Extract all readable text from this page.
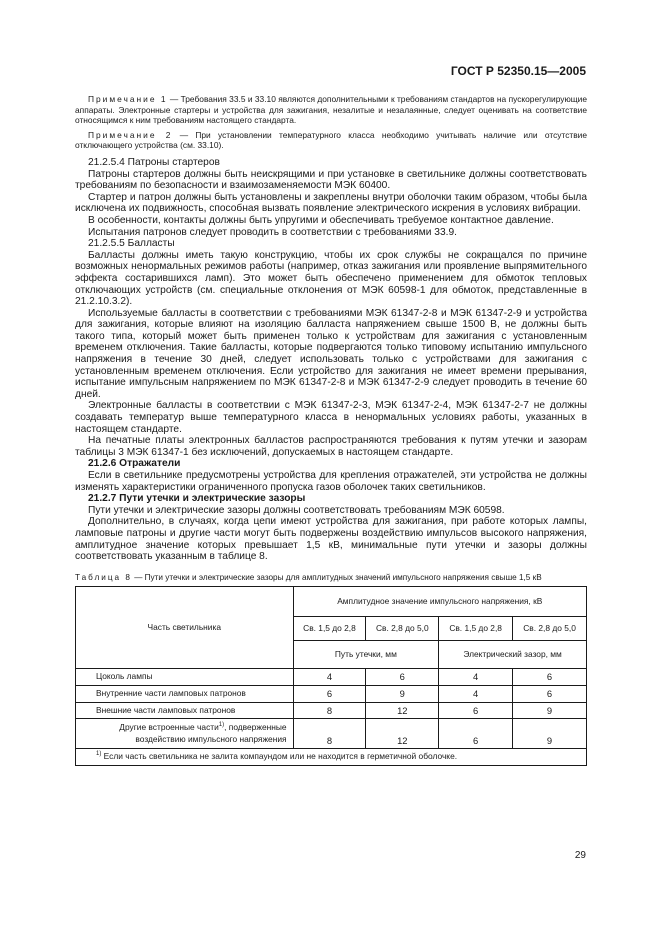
ГОСТ Р 52350.15—2005

Примечание 1 — Требования 33.5 и 33.10 являются дополнительными к требованиям стандартов на пускорегулирующие аппараты. Электронные стартеры и устройства для зажигания, незалитые и незалаянные, следует оценивать на соответствие относящимся к ним требованиям настоящего стандарта.

Примечание 2 — При установлении температурного класса необходимо учитывать наличие или отсутствие отключающего устройства (см. 33.10).

21.2.5.4 Патроны стартеров

Патроны стартеров должны быть неискрящими и при установке в светильнике должны соответствовать требованиям по безопасности и взаимозаменяемости МЭК 60400.

Стартер и патрон должны быть установлены и закреплены внутри оболочки таким образом, чтобы была исключена их подвижность, способная вызвать появление электрического искрения в условиях вибрации.

В особенности, контакты должны быть упругими и обеспечивать требуемое контактное давление.

Испытания патронов следует проводить в соответствии с требованиями 33.9.

21.2.5.5 Балласты

Балласты должны иметь такую конструкцию, чтобы их срок службы не сокращался по причине возможных ненормальных режимов работы (например, отказ зажигания или проявление выпрямительного эффекта состарившихся ламп). Это может быть обеспечено применением для обмоток тепловых отключающих устройств (см. специальные отклонения от МЭК 60598-1 для обмоток, представленные в 21.2.10.3.2).

Используемые балласты в соответствии с требованиями МЭК 61347-2-8 и МЭК 61347-2-9 и устройства для зажигания, которые влияют на изоляцию балласта напряжением свыше 1500 В, не должны быть такого типа, который может быть применен только к устройствам для зажигания с установленным временем отключения. Такие балласты, которые подвергаются только типовому испытанию импульсного напряжения в течение 30 дней, следует использовать только с устройствами для зажигания с установленным временем отключения. Если устройство для зажигания не имеет времени прерывания, испытание импульсным напряжением по МЭК 61347-2-8 и МЭК 61347-2-9 следует проводить в течение 60 дней.

Электронные балласты в соответствии с МЭК 61347-2-3, МЭК 61347-2-4, МЭК 61347-2-7 не должны создавать температур выше температурного класса в ненормальных условиях работы, указанных в настоящем стандарте.

На печатные платы электронных балластов распространяются требования к путям утечки и зазорам таблицы 3 МЭК 61347-1 без исключений, допускаемых в настоящем стандарте.

21.2.6 Отражатели

Если в светильнике предусмотрены устройства для крепления отражателей, эти устройства не должны изменять характеристики ограниченного пропуска газов оболочек таких светильников.

21.2.7 Пути утечки и электрические зазоры

Пути утечки и электрические зазоры должны соответствовать требованиям МЭК 60598.

Дополнительно, в случаях, когда цепи имеют устройства для зажигания, при работе которых лампы, ламповые патроны и другие части могут быть подвержены воздействию импульсов высокого напряжения, амплитудное значение которых превышает 1,5 кВ, минимальные пути утечки и зазоры должны соответствовать указанным в таблице 8.

Таблица 8 — Пути утечки и электрические зазоры для амплитудных значений импульсного напряжения свыше 1,5 кВ
Часть светильника	Амплитудное значение импульсного напряжения, кВ			
	Св. 1,5 до 2,8	Св. 2,8 до 5,0	Св. 1,5 до 2,8	Св. 2,8 до 5,0
	Путь утечки, мм		Электрический зазор, мм	
Цоколь лампы	4	6	4	6
Внутренние части ламповых патронов	6	9	4	6
Внешние части ламповых патронов	8	12	6	9
Другие встроенные части$^{1)}$, подверженные воздействию импульсного напряжения	8	12	6	9
$^{1)}$ Если часть светильника не залита компаундом или не находится в герметичной оболочке.				
29
